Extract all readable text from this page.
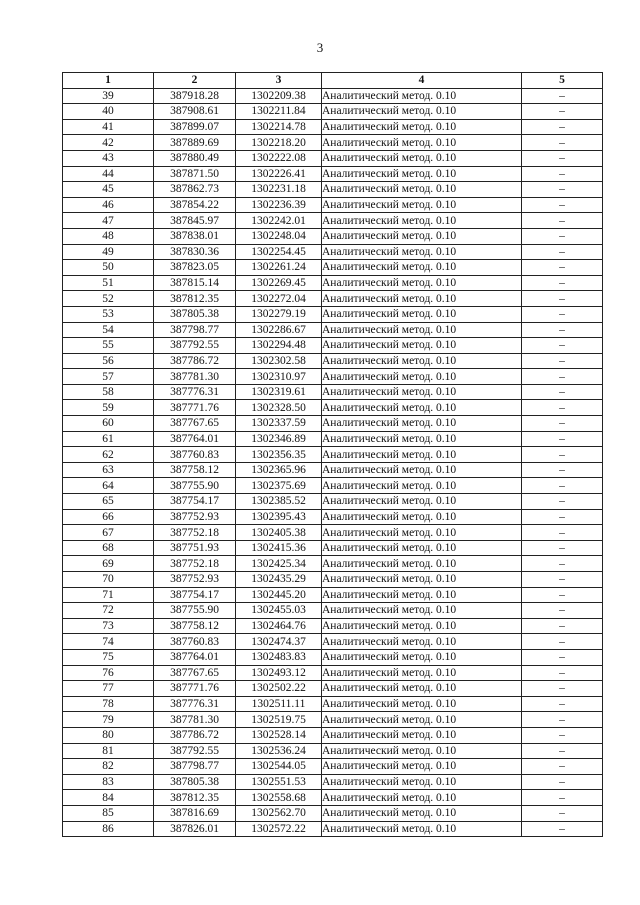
3
1	2	3	4	5
39	387918.28	1302209.38	Аналитический метод. 0.10	–
40	387908.61	1302211.84	Аналитический метод. 0.10	–
41	387899.07	1302214.78	Аналитический метод. 0.10	–
42	387889.69	1302218.20	Аналитический метод. 0.10	–
43	387880.49	1302222.08	Аналитический метод. 0.10	–
44	387871.50	1302226.41	Аналитический метод. 0.10	–
45	387862.73	1302231.18	Аналитический метод. 0.10	–
46	387854.22	1302236.39	Аналитический метод. 0.10	–
47	387845.97	1302242.01	Аналитический метод. 0.10	–
48	387838.01	1302248.04	Аналитический метод. 0.10	–
49	387830.36	1302254.45	Аналитический метод. 0.10	–
50	387823.05	1302261.24	Аналитический метод. 0.10	–
51	387815.14	1302269.45	Аналитический метод. 0.10	–
52	387812.35	1302272.04	Аналитический метод. 0.10	–
53	387805.38	1302279.19	Аналитический метод. 0.10	–
54	387798.77	1302286.67	Аналитический метод. 0.10	–
55	387792.55	1302294.48	Аналитический метод. 0.10	–
56	387786.72	1302302.58	Аналитический метод. 0.10	–
57	387781.30	1302310.97	Аналитический метод. 0.10	–
58	387776.31	1302319.61	Аналитический метод. 0.10	–
59	387771.76	1302328.50	Аналитический метод. 0.10	–
60	387767.65	1302337.59	Аналитический метод. 0.10	–
61	387764.01	1302346.89	Аналитический метод. 0.10	–
62	387760.83	1302356.35	Аналитический метод. 0.10	–
63	387758.12	1302365.96	Аналитический метод. 0.10	–
64	387755.90	1302375.69	Аналитический метод. 0.10	–
65	387754.17	1302385.52	Аналитический метод. 0.10	–
66	387752.93	1302395.43	Аналитический метод. 0.10	–
67	387752.18	1302405.38	Аналитический метод. 0.10	–
68	387751.93	1302415.36	Аналитический метод. 0.10	–
69	387752.18	1302425.34	Аналитический метод. 0.10	–
70	387752.93	1302435.29	Аналитический метод. 0.10	–
71	387754.17	1302445.20	Аналитический метод. 0.10	–
72	387755.90	1302455.03	Аналитический метод. 0.10	–
73	387758.12	1302464.76	Аналитический метод. 0.10	–
74	387760.83	1302474.37	Аналитический метод. 0.10	–
75	387764.01	1302483.83	Аналитический метод. 0.10	–
76	387767.65	1302493.12	Аналитический метод. 0.10	–
77	387771.76	1302502.22	Аналитический метод. 0.10	–
78	387776.31	1302511.11	Аналитический метод. 0.10	–
79	387781.30	1302519.75	Аналитический метод. 0.10	–
80	387786.72	1302528.14	Аналитический метод. 0.10	–
81	387792.55	1302536.24	Аналитический метод. 0.10	–
82	387798.77	1302544.05	Аналитический метод. 0.10	–
83	387805.38	1302551.53	Аналитический метод. 0.10	–
84	387812.35	1302558.68	Аналитический метод. 0.10	–
85	387816.69	1302562.70	Аналитический метод. 0.10	–
86	387826.01	1302572.22	Аналитический метод. 0.10	–
